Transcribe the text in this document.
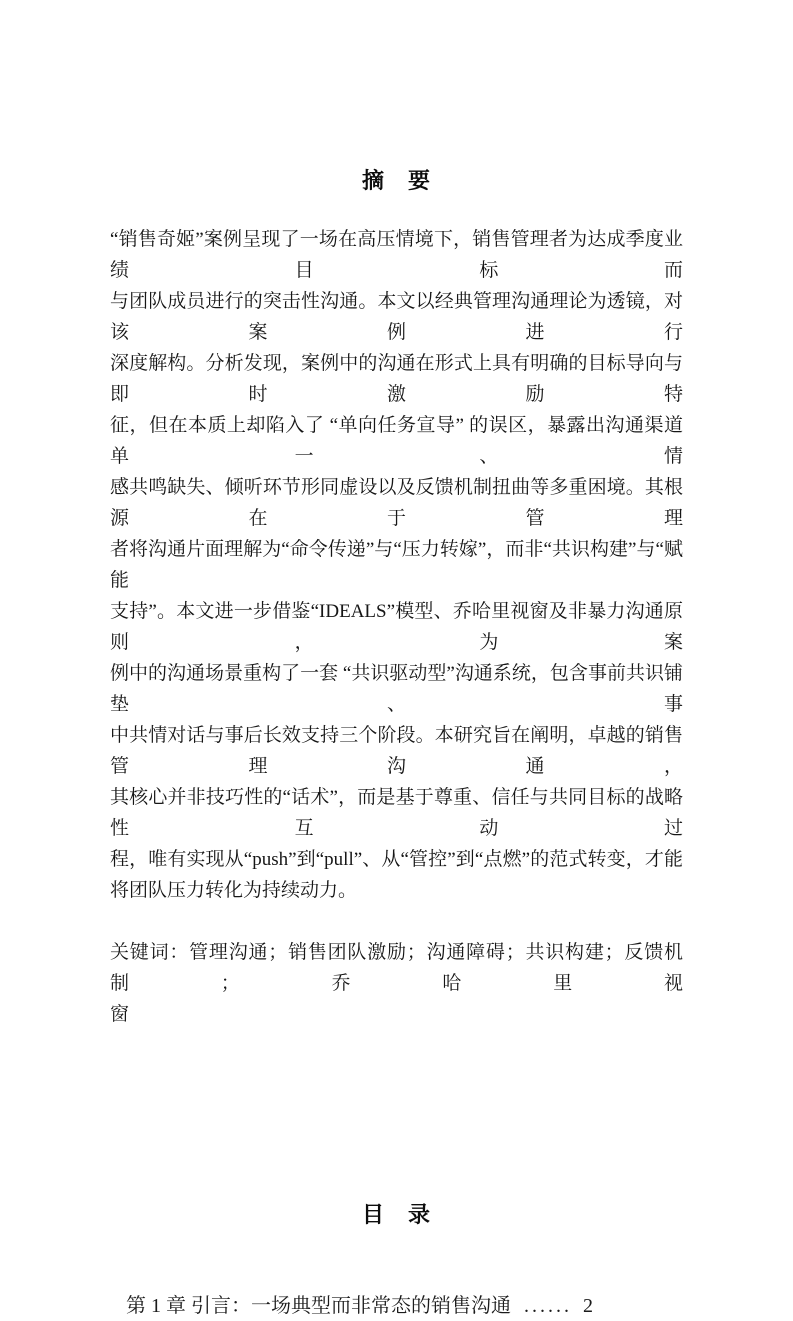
摘　要
“销售奇姬”案例呈现了一场在高压情境下，销售管理者为达成季度业绩目标而
与团队成员进行的突击性沟通。本文以经典管理沟通理论为透镜，对该案例进行
深度解构。分析发现，案例中的沟通在形式上具有明确的目标导向与即时激励特
征，但在本质上却陷入了 “单向任务宣导” 的误区，暴露出沟通渠道单一、情
感共鸣缺失、倾听环节形同虚设以及反馈机制扭曲等多重困境。其根源在于管理
者将沟通片面理解为“命令传递”与“压力转嫁”，而非“共识构建”与“赋能
支持”。本文进一步借鉴“IDEALS”模型、乔哈里视窗及非暴力沟通原则，为案
例中的沟通场景重构了一套 “共识驱动型”沟通系统，包含事前共识铺垫、事
中共情对话与事后长效支持三个阶段。本研究旨在阐明，卓越的销售管理沟通，
其核心并非技巧性的“话术”，而是基于尊重、信任与共同目标的战略性互动过
程，唯有实现从“push”到“pull”、从“管控”到“点燃”的范式转变，才能
将团队压力转化为持续动力。
关键词：管理沟通；销售团队激励；沟通障碍；共识构建；反馈机制；乔哈里视
窗
目　录
第 1 章 引言：一场典型而非常态的销售沟通 ...... 2
